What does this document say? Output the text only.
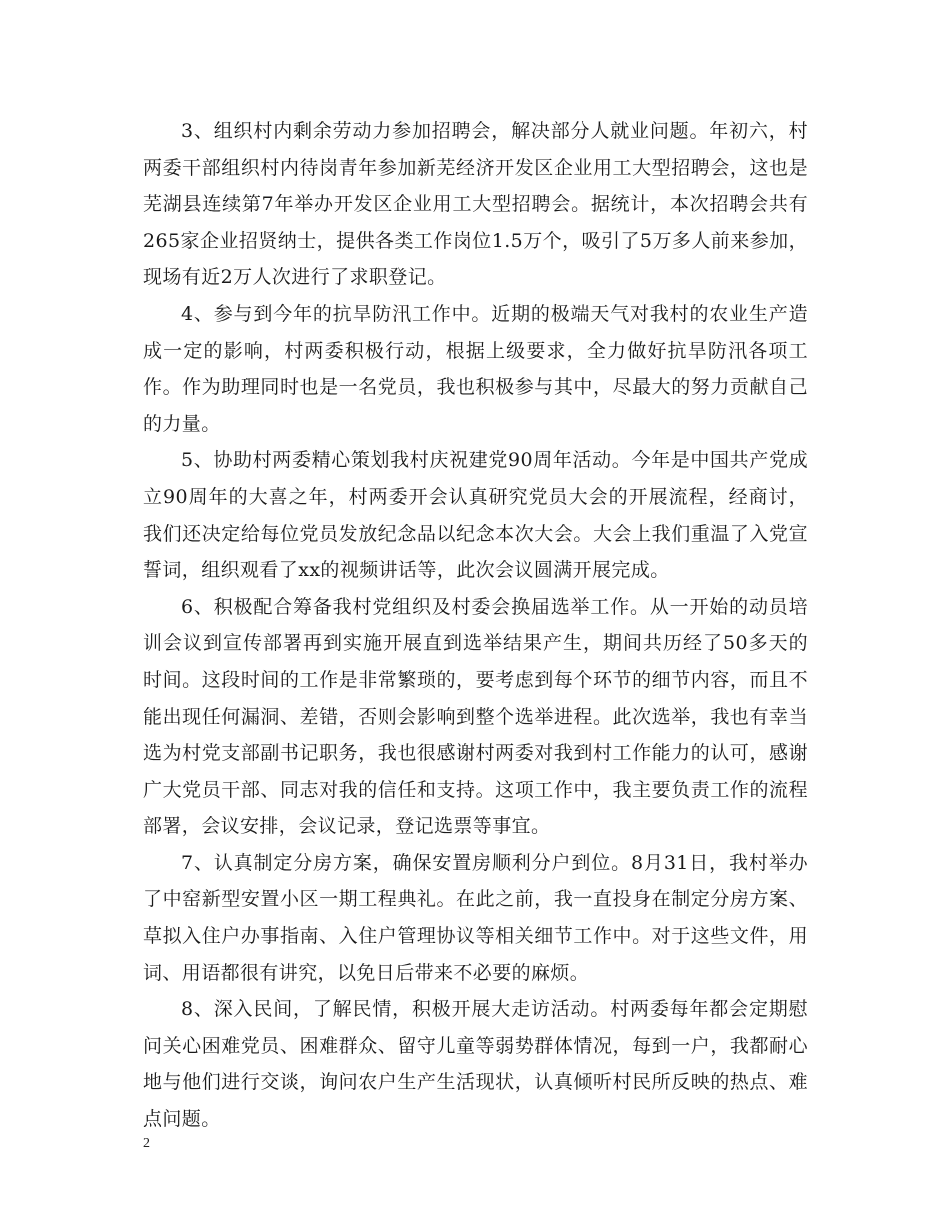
3、组织村内剩余劳动力参加招聘会，解决部分人就业问题。年初六，村两委干部组织村内待岗青年参加新芜经济开发区企业用工大型招聘会，这也是芜湖县连续第7年举办开发区企业用工大型招聘会。据统计，本次招聘会共有265家企业招贤纳士，提供各类工作岗位1.5万个，吸引了5万多人前来参加，现场有近2万人次进行了求职登记。

4、参与到今年的抗旱防汛工作中。近期的极端天气对我村的农业生产造成一定的影响，村两委积极行动，根据上级要求，全力做好抗旱防汛各项工作。作为助理同时也是一名党员，我也积极参与其中，尽最大的努力贡献自己的力量。

5、协助村两委精心策划我村庆祝建党90周年活动。今年是中国共产党成立90周年的大喜之年，村两委开会认真研究党员大会的开展流程，经商讨，我们还决定给每位党员发放纪念品以纪念本次大会。大会上我们重温了入党宣誓词，组织观看了xx的视频讲话等，此次会议圆满开展完成。

6、积极配合筹备我村党组织及村委会换届选举工作。从一开始的动员培训会议到宣传部署再到实施开展直到选举结果产生，期间共历经了50多天的时间。这段时间的工作是非常繁琐的，要考虑到每个环节的细节内容，而且不能出现任何漏洞、差错，否则会影响到整个选举进程。此次选举，我也有幸当选为村党支部副书记职务，我也很感谢村两委对我到村工作能力的认可，感谢广大党员干部、同志对我的信任和支持。这项工作中，我主要负责工作的流程部署，会议安排，会议记录，登记选票等事宜。

7、认真制定分房方案，确保安置房顺利分户到位。8月31日，我村举办了中窑新型安置小区一期工程典礼。在此之前，我一直投身在制定分房方案、草拟入住户办事指南、入住户管理协议等相关细节工作中。对于这些文件，用词、用语都很有讲究，以免日后带来不必要的麻烦。

8、深入民间，了解民情，积极开展大走访活动。村两委每年都会定期慰问关心困难党员、困难群众、留守儿童等弱势群体情况，每到一户，我都耐心地与他们进行交谈，询问农户生产生活现状，认真倾听村民所反映的热点、难点问题。

2
